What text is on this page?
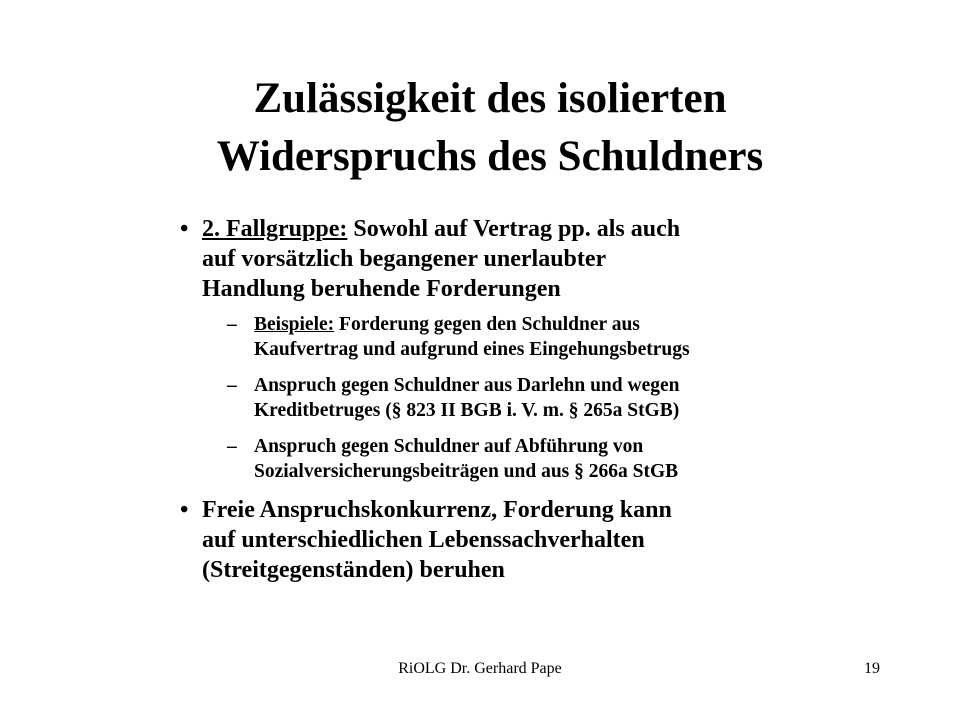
Zulässigkeit des isolierten
Widerspruchs des Schuldners
• 2. Fallgruppe: Sowohl auf Vertrag pp. als auch
auf vorsätzlich begangener unerlaubter
Handlung beruhende Forderungen
– Beispiele: Forderung gegen den Schuldner aus
Kaufvertrag und aufgrund eines Eingehungsbetrugs
– Anspruch gegen Schuldner aus Darlehn und wegen
Kreditbetruges (§ 823 II BGB i. V. m. § 265a StGB)
– Anspruch gegen Schuldner auf Abführung von
Sozialversicherungsbeiträgen und aus § 266a StGB
• Freie Anspruchskonkurrenz, Forderung kann
auf unterschiedlichen Lebenssachverhalten
(Streitgegenständen) beruhen
RiOLG Dr. Gerhard Pape	19
